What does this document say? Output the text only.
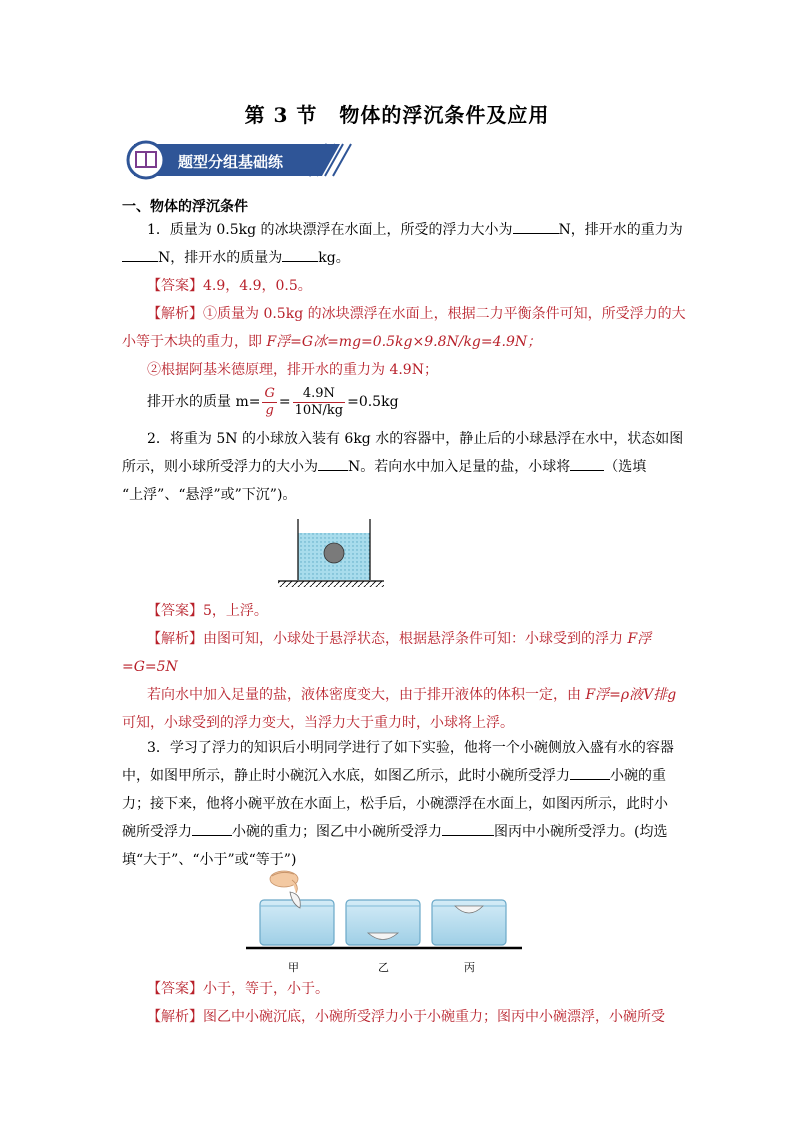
第 3 节 物体的浮沉条件及应用
题型分组基础练
一、物体的浮沉条件
1．质量为 0.5kg 的冰块漂浮在水面上，所受的浮力大小为	N，排开水的重力为
N，排开水的质量为	kg。
【答案】4.9，4.9，0.5。
【解析】①质量为 0.5kg 的冰块漂浮在水面上，根据二力平衡条件可知，所受浮力的大
小等于木块的重力，即 F浮=G冰=mg=0.5kg×9.8N/kg=4.9N；
②根据阿基米德原理，排开水的重力为 4.9N；
排开水的质量 $m= \frac{G}{g} = \frac{4.9N}{10N/kg} =0.5kg$
2．将重为 5N 的小球放入装有 6kg 水的容器中，静止后的小球悬浮在水中，状态如图
所示，则小球所受浮力的大小为 N。若向水中加入足量的盐，小球将 （选填
“上浮”、“悬浮”或”下沉”)。
【答案】5，上浮。
【解析】由图可知，小球处于悬浮状态，根据悬浮条件可知：小球受到的浮力 F浮
=G=5N
若向水中加入足量的盐，液体密度变大，由于排开液体的体积一定，由 F浮=ρ液V排g
可知，小球受到的浮力变大，当浮力大于重力时，小球将上浮。
3．学习了浮力的知识后小明同学进行了如下实验，他将一个小碗侧放入盛有水的容器
中，如图甲所示，静止时小碗沉入水底，如图乙所示，此时小碗所受浮力	小碗的重
力；接下来，他将小碗平放在水面上，松手后，小碗漂浮在水面上，如图丙所示，此时小
碗所受浮力	小碗的重力；图乙中小碗所受浮力	图丙中小碗所受浮力。(均选
填“大于”、“小于”或“等于”)
甲	乙	丙
【答案】小于，等于，小于。
【解析】图乙中小碗沉底，小碗所受浮力小于小碗重力；图丙中小碗漂浮，小碗所受
